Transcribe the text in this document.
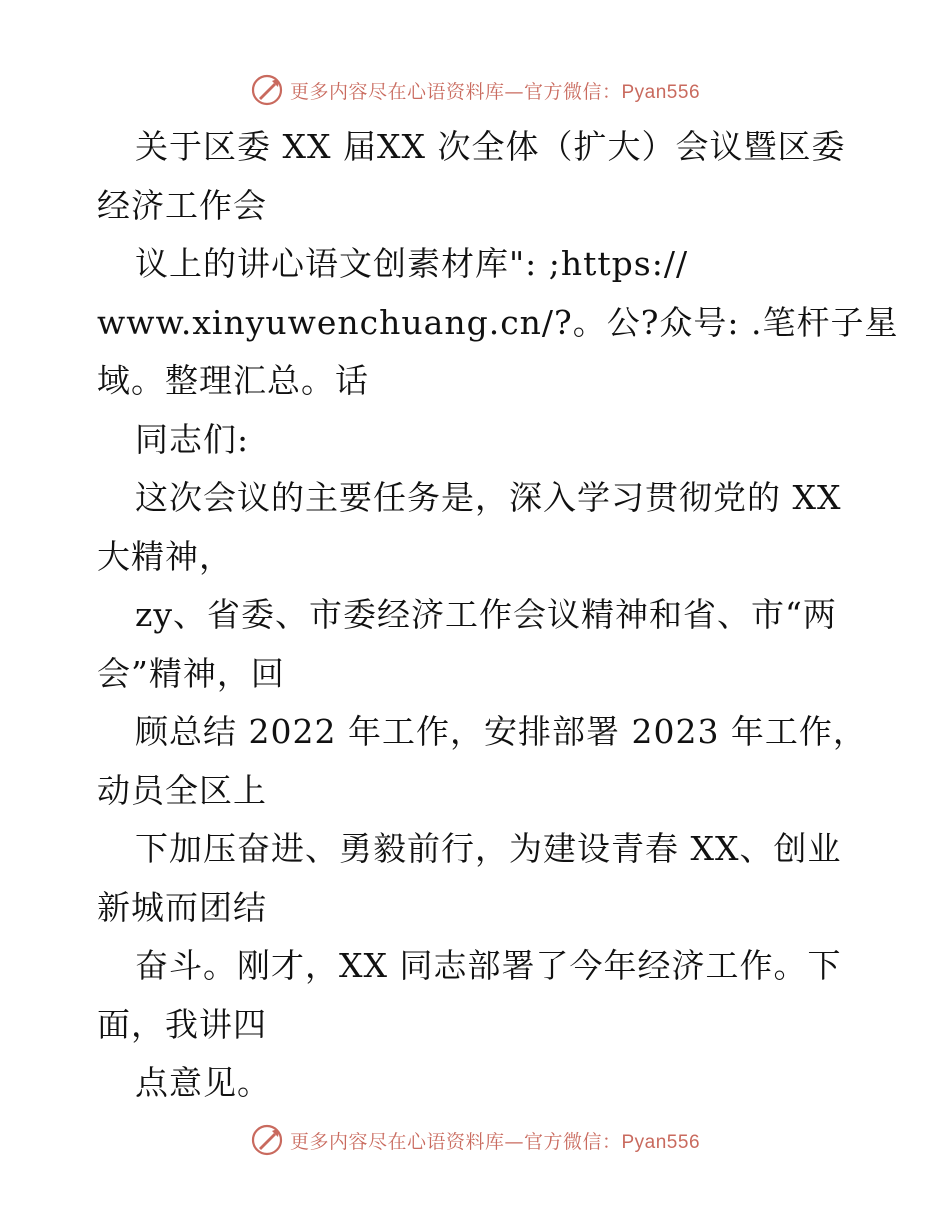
更多内容尽在心语资料库—官方微信：Pyan556
关于区委 XX 届XX 次全体（扩大）会议暨区委
经济工作会
议上的讲心语文创素材库": ;https://
www.xinyuwenchuang.cn/?。公?众号: .笔杆子星
域。整理汇总。话
同志们:
这次会议的主要任务是，深入学习贯彻党的 XX
大精神，
zy、省委、市委经济工作会议精神和省、市“两
会”精神，回
顾总结 2022 年工作，安排部署 2023 年工作，
动员全区上
下加压奋进、勇毅前行，为建设青春 XX、创业
新城而团结
奋斗。刚才，XX 同志部署了今年经济工作。下
面，我讲四
点意见。
更多内容尽在心语资料库—官方微信：Pyan556
